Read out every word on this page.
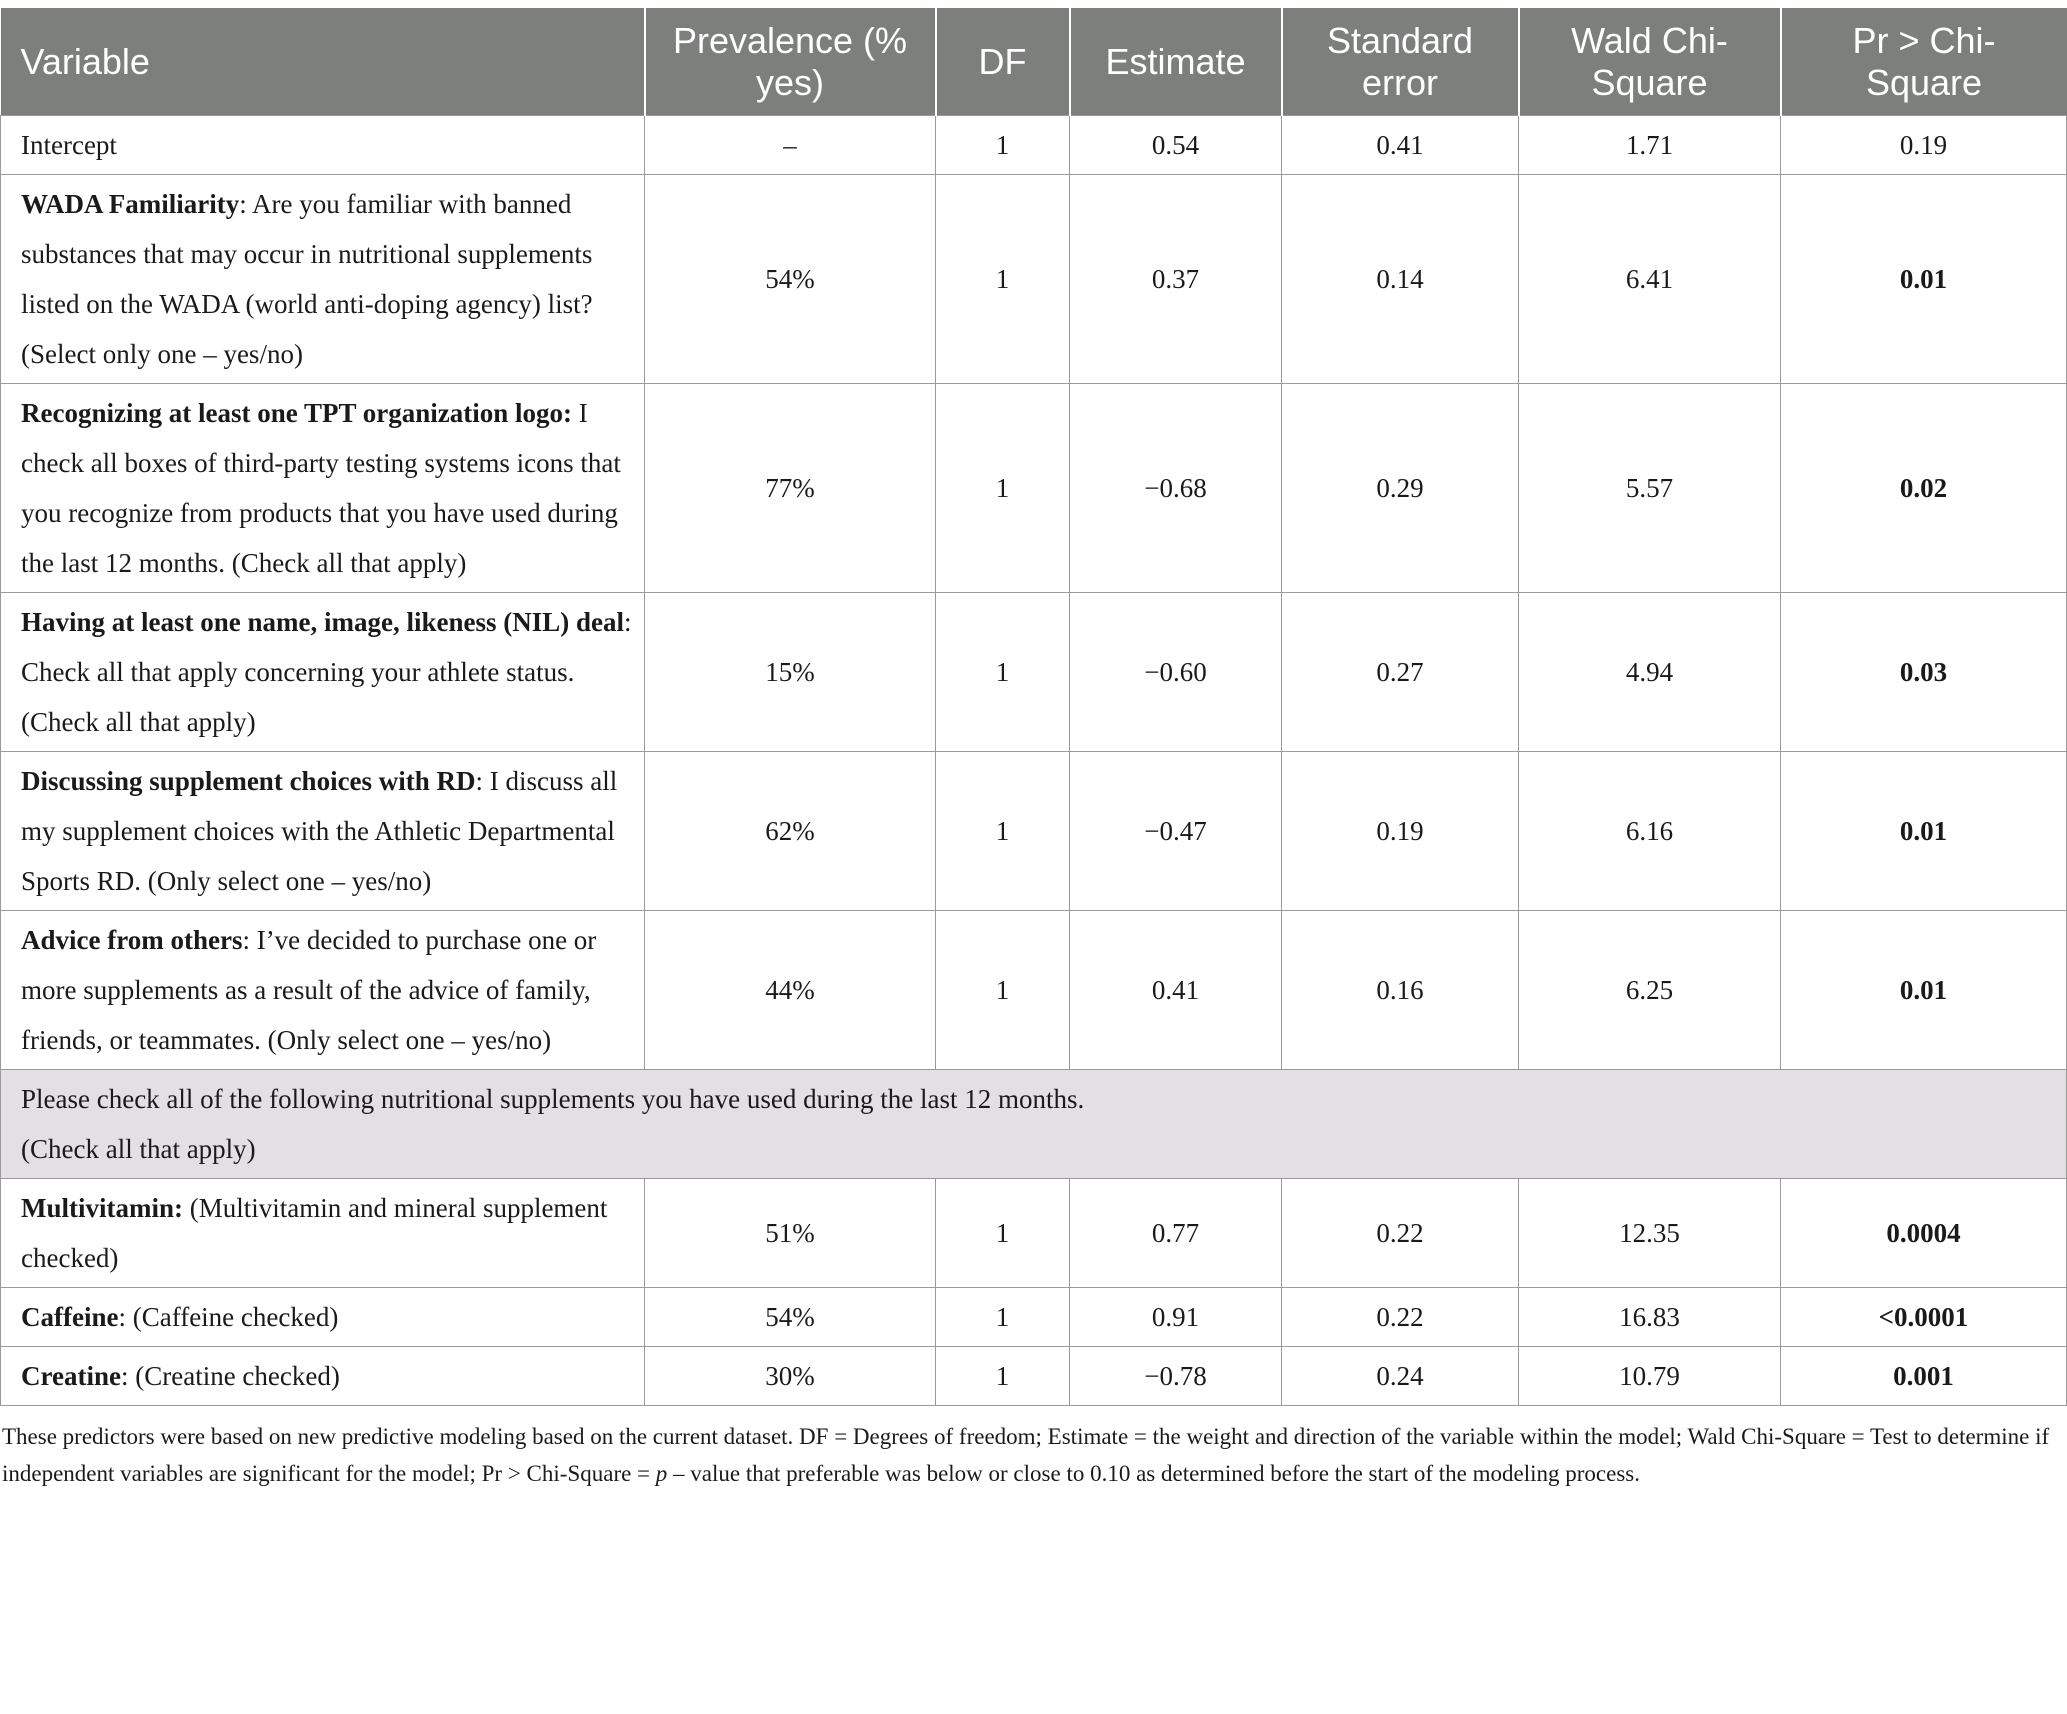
Variable	Prevalence (% yes)	DF	Estimate	Standard error	Wald Chi-Square	Pr > Chi-Square
Intercept	–	1	0.54	0.41	1.71	0.19
WADA Familiarity: Are you familiar with banned substances that may occur in nutritional supplements listed on the WADA (world anti-doping agency) list? (Select only one – yes/no)	54%	1	0.37	0.14	6.41	0.01
Recognizing at least one TPT organization logo: I check all boxes of third-party testing systems icons that you recognize from products that you have used during the last 12 months. (Check all that apply)	77%	1	−0.68	0.29	5.57	0.02
Having at least one name, image, likeness (NIL) deal: Check all that apply concerning your athlete status. (Check all that apply)	15%	1	−0.60	0.27	4.94	0.03
Discussing supplement choices with RD: I discuss all my supplement choices with the Athletic Departmental Sports RD. (Only select one – yes/no)	62%	1	−0.47	0.19	6.16	0.01
Advice from others: I’ve decided to purchase one or more supplements as a result of the advice of family, friends, or teammates. (Only select one – yes/no)	44%	1	0.41	0.16	6.25	0.01
Please check all of the following nutritional supplements you have used during the last 12 months.
(Check all that apply)						
Multivitamin: (Multivitamin and mineral supplement checked)	51%	1	0.77	0.22	12.35	0.0004
Caffeine: (Caffeine checked)	54%	1	0.91	0.22	16.83	<0.0001
Creatine: (Creatine checked)	30%	1	−0.78	0.24	10.79	0.001
These predictors were based on new predictive modeling based on the current dataset. DF = Degrees of freedom; Estimate = the weight and direction of the variable within the model; Wald Chi-Square = Test to determine if independent variables are significant for the model; Pr > Chi-Square = p – value that preferable was below or close to 0.10 as determined before the start of the modeling process.
